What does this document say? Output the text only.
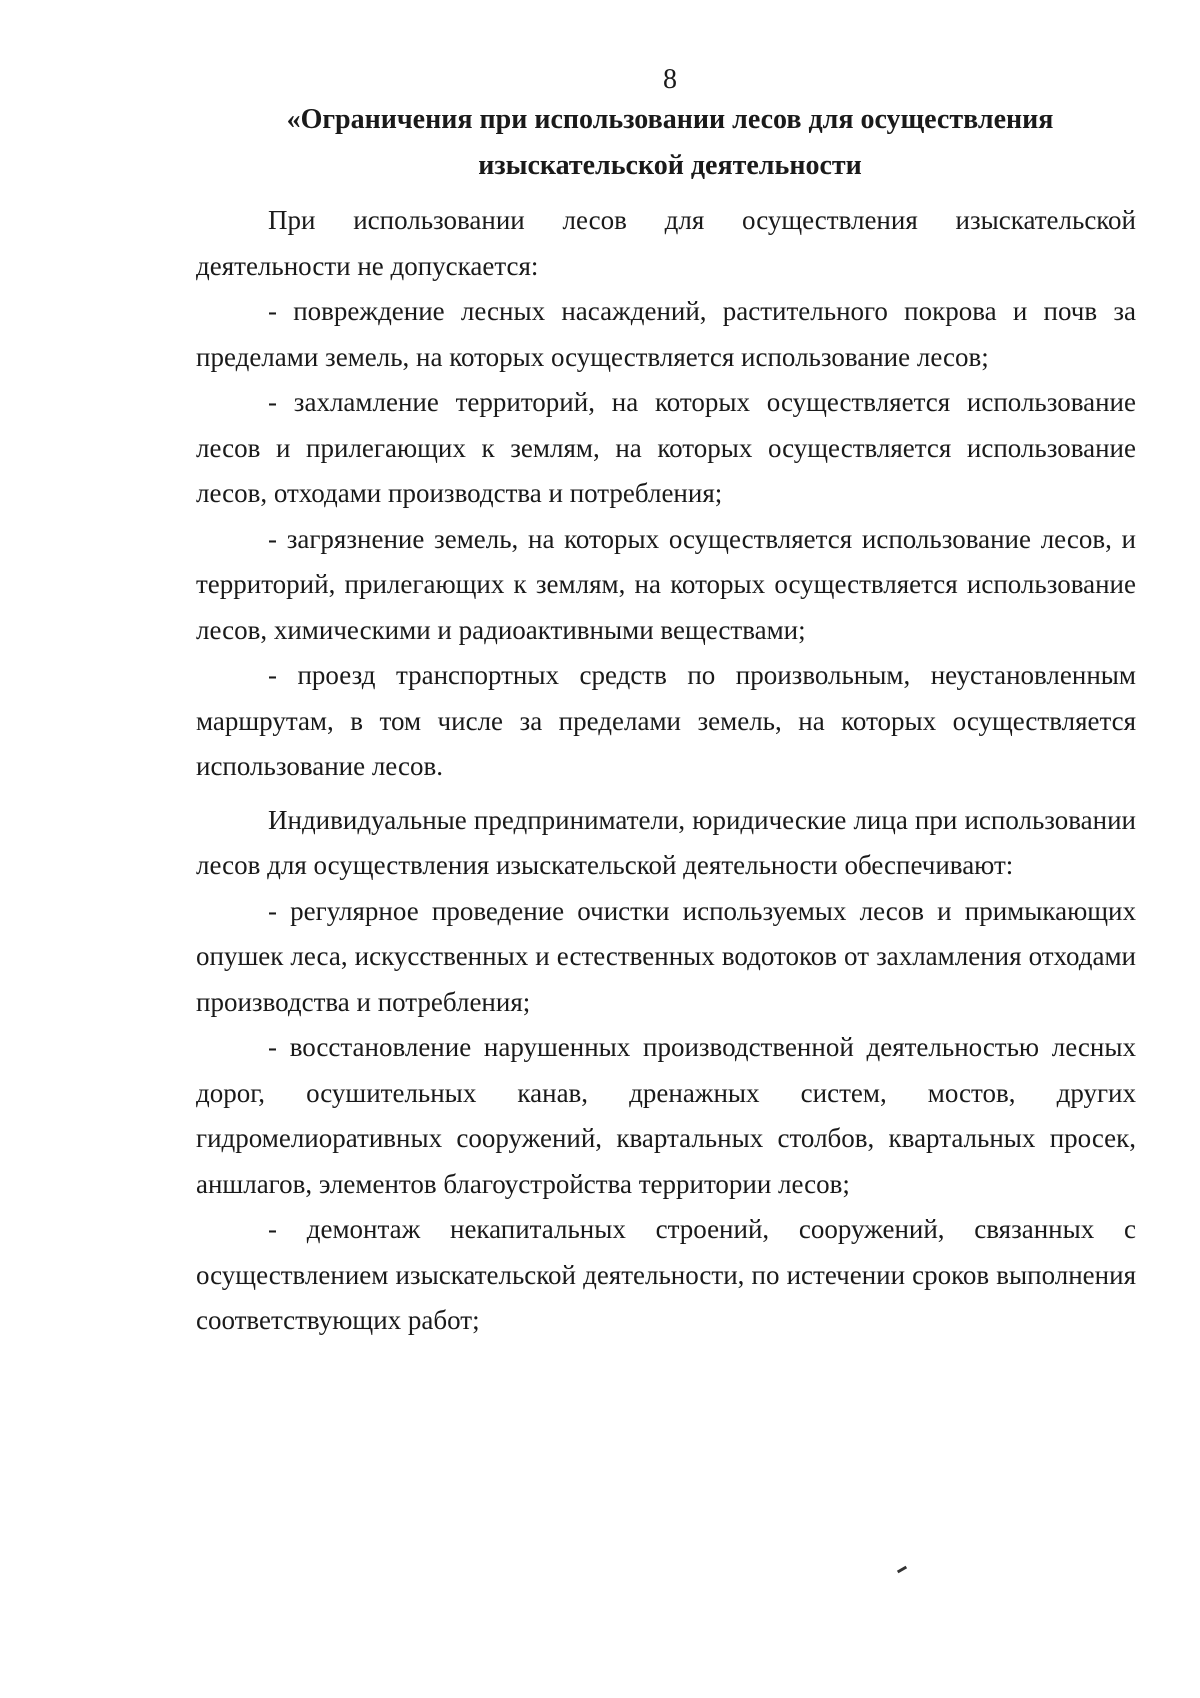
8
«Ограничения при использовании лесов для осуществления
изыскательской деятельности

При использовании лесов для осуществления изыскательской деятельности не допускается:

- повреждение лесных насаждений, растительного покрова и почв за пределами земель, на которых осуществляется использование лесов;

- захламление территорий, на которых осуществляется использование лесов и прилегающих к землям, на которых осуществляется использование лесов, отходами производства и потребления;

- загрязнение земель, на которых осуществляется использование лесов, и территорий, прилегающих к землям, на которых осуществляется использование лесов, химическими и радиоактивными веществами;

- проезд транспортных средств по произвольным, неустановленным маршрутам, в том числе за пределами земель, на которых осуществляется использование лесов.

Индивидуальные предприниматели, юридические лица при использовании лесов для осуществления изыскательской деятельности обеспечивают:

- регулярное проведение очистки используемых лесов и примыкающих опушек леса, искусственных и естественных водотоков от захламления отходами производства и потребления;

- восстановление нарушенных производственной деятельностью лесных дорог, осушительных канав, дренажных систем, мостов, других гидромелиоративных сооружений, квартальных столбов, квартальных просек, аншлагов, элементов благоустройства территории лесов;

- демонтаж некапитальных строений, сооружений, связанных с осуществлением изыскательской деятельности, по истечении сроков выполнения соответствующих работ;
